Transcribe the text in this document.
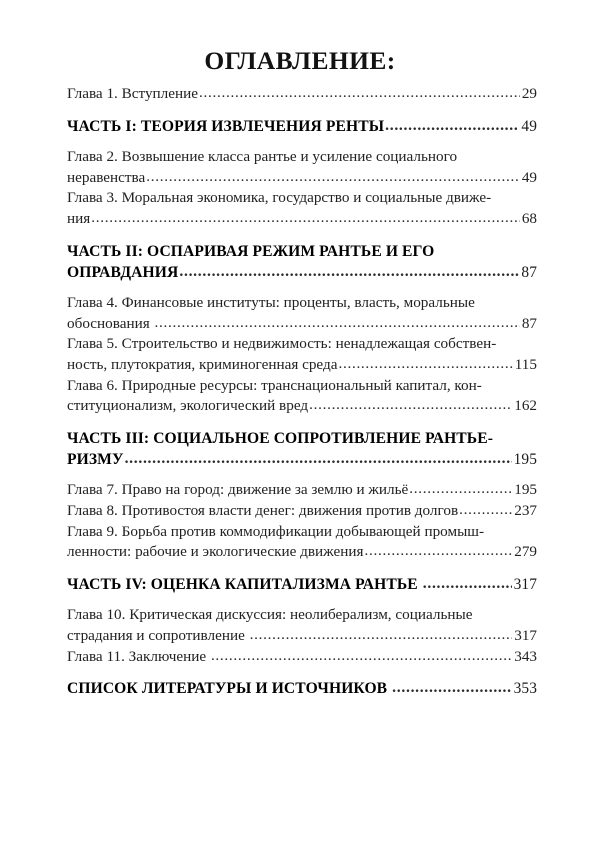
ОГЛАВЛЕНИЕ:
Глава 1. Вступление .....	29
ЧАСТЬ I: ТЕОРИЯ ИЗВЛЕЧЕНИЯ РЕНТЫ .....	49
Глава 2. Возвышение класса рантье и усиление социального
неравенства .....	49
Глава 3. Моральная экономика, государство и социальные движе-
ния .....	68
ЧАСТЬ II: ОСПАРИВАЯ РЕЖИМ РАНТЬЕ И ЕГО
ОПРАВДАНИЯ .....	87
Глава 4. Финансовые институты: проценты, власть, моральные
обоснования .....	87
Глава 5. Строительство и недвижимость: ненадлежащая собствен-
ность, плутократия, криминогенная среда .....	115
Глава 6. Природные ресурсы: транснациональный капитал, кон-
ституционализм, экологический вред .....	162
ЧАСТЬ III: СОЦИАЛЬНОЕ СОПРОТИВЛЕНИЕ РАНТЬЕ-
РИЗМУ .....	195
Глава 7. Право на город: движение за землю и жильё .....	195
Глава 8. Противостоя власти денег: движения против долгов .....	237
Глава 9. Борьба против коммодификации добывающей промыш-
ленности: рабочие и экологические движения .....	279
ЧАСТЬ IV: ОЦЕНКА КАПИТАЛИЗМА РАНТЬЕ .....	317
Глава 10. Критическая дискуссия: неолиберализм, социальные
страдания и сопротивление .....	317
Глава 11. Заключение .....	343
СПИСОК ЛИТЕРАТУРЫ И ИСТОЧНИКОВ .....	353
